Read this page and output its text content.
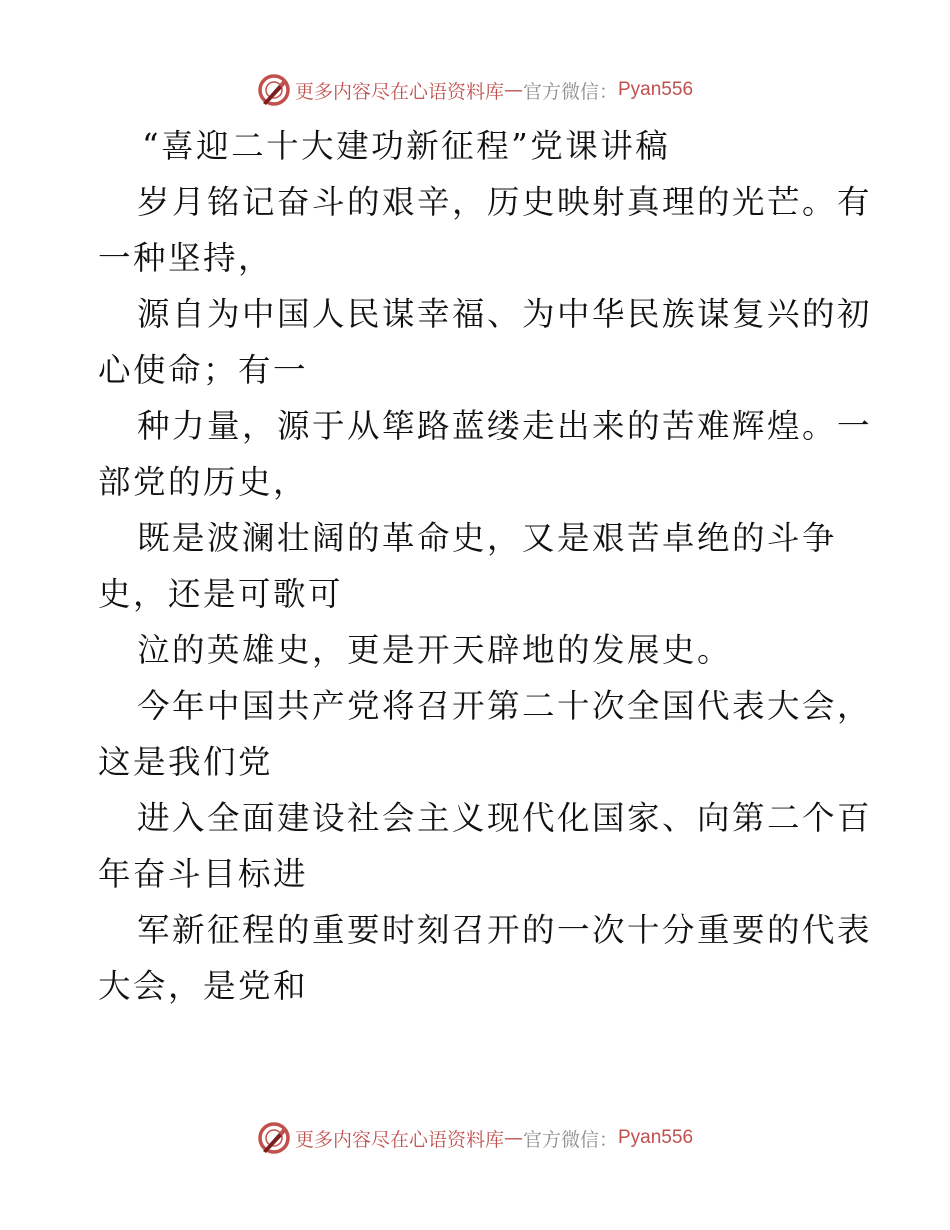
更多内容尽在心语资料库 — 官方微信： Pyan556
“喜迎二十大建功新征程”党课讲稿
岁月铭记奋斗的艰辛，历史映射真理的光芒。有
一种坚持，
源自为中国人民谋幸福、为中华民族谋复兴的初
心使命；有一
种力量，源于从筚路蓝缕走出来的苦难辉煌。一
部党的历史，
既是波澜壮阔的革命史，又是艰苦卓绝的斗争
史，还是可歌可
泣的英雄史，更是开天辟地的发展史。
今年中国共产党将召开第二十次全国代表大会，
这是我们党
进入全面建设社会主义现代化国家、向第二个百
年奋斗目标进
军新征程的重要时刻召开的一次十分重要的代表
大会，是党和
更多内容尽在心语资料库 — 官方微信： Pyan556
